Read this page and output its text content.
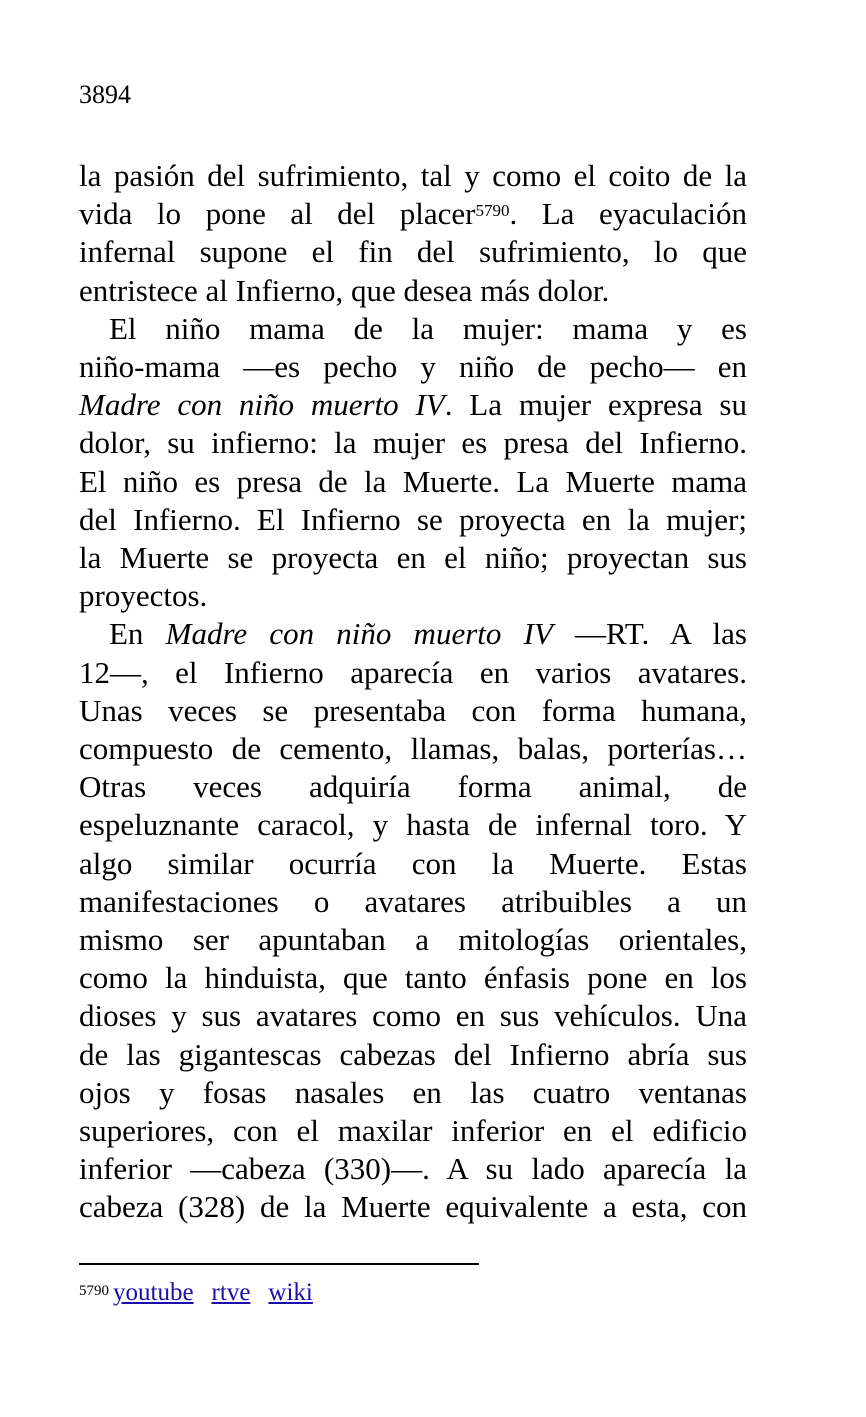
3894

la pasión del sufrimiento, tal y como el coito de la
vida lo pone al del placer$^{5790}$. La eyaculación
infernal supone el fin del sufrimiento, lo que
entristece al Infierno, que desea más dolor.

El niño mama de la mujer: mama y es
niño-mama —es pecho y niño de pecho— en
Madre con niño muerto IV. La mujer expresa su
dolor, su infierno: la mujer es presa del Infierno.
El niño es presa de la Muerte. La Muerte mama
del Infierno. El Infierno se proyecta en la mujer;
la Muerte se proyecta en el niño; proyectan sus
proyectos.

En Madre con niño muerto IV —RT. A las
12—, el Infierno aparecía en varios avatares.
Unas veces se presentaba con forma humana,
compuesto de cemento, llamas, balas, porterías…
Otras veces adquiría forma animal, de
espeluznante caracol, y hasta de infernal toro. Y
algo similar ocurría con la Muerte. Estas
manifestaciones o avatares atribuibles a un
mismo ser apuntaban a mitologías orientales,
como la hinduista, que tanto énfasis pone en los
dioses y sus avatares como en sus vehículos. Una
de las gigantescas cabezas del Infierno abría sus
ojos y fosas nasales en las cuatro ventanas
superiores, con el maxilar inferior en el edificio
inferior —cabeza (330)—. A su lado aparecía la
cabeza (328) de la Muerte equivalente a esta, con

$^{5790}$ youtube rtve wiki
